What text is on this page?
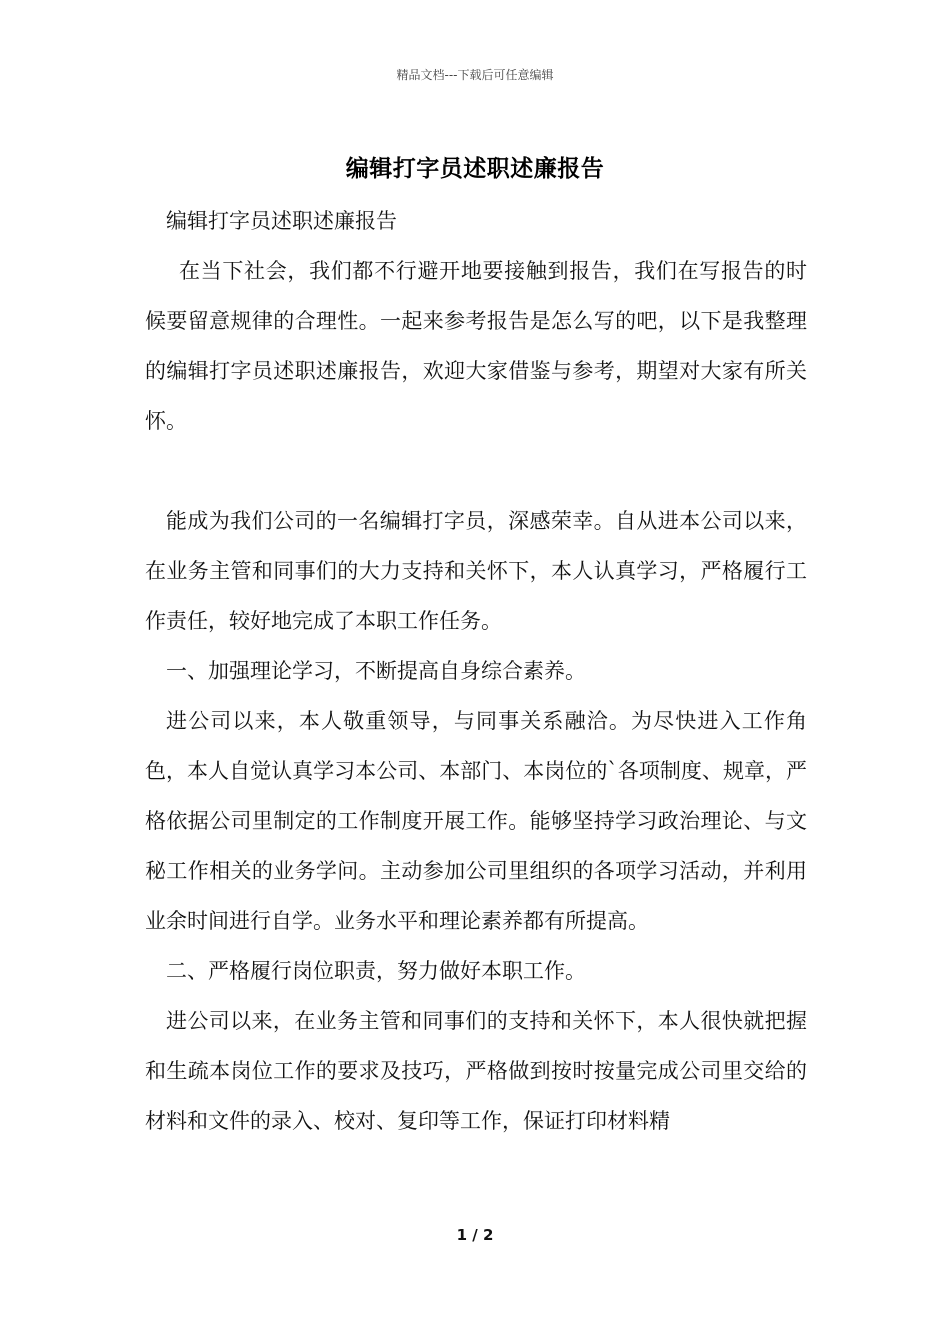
精品文档---下载后可任意编辑
编辑打字员述职述廉报告

编辑打字员述职述廉报告

在当下社会，我们都不行避开地要接触到报告，我们在写报告的时候要留意规律的合理性。一起来参考报告是怎么写的吧，以下是我整理的编辑打字员述职述廉报告，欢迎大家借鉴与参考，期望对大家有所关怀。

能成为我们公司的一名编辑打字员，深感荣幸。自从进本公司以来，在业务主管和同事们的大力支持和关怀下，本人认真学习，严格履行工作责任，较好地完成了本职工作任务。

一、加强理论学习，不断提高自身综合素养。

进公司以来，本人敬重领导，与同事关系融洽。为尽快进入工作角色，本人自觉认真学习本公司、本部门、本岗位的`各项制度、规章，严格依据公司里制定的工作制度开展工作。能够坚持学习政治理论、与文秘工作相关的业务学问。主动参加公司里组织的各项学习活动，并利用业余时间进行自学。业务水平和理论素养都有所提高。

二、严格履行岗位职责，努力做好本职工作。

进公司以来，在业务主管和同事们的支持和关怀下，本人很快就把握和生疏本岗位工作的要求及技巧，严格做到按时按量完成公司里交给的材料和文件的录入、校对、复印等工作，保证打印材料精

1 / 2
